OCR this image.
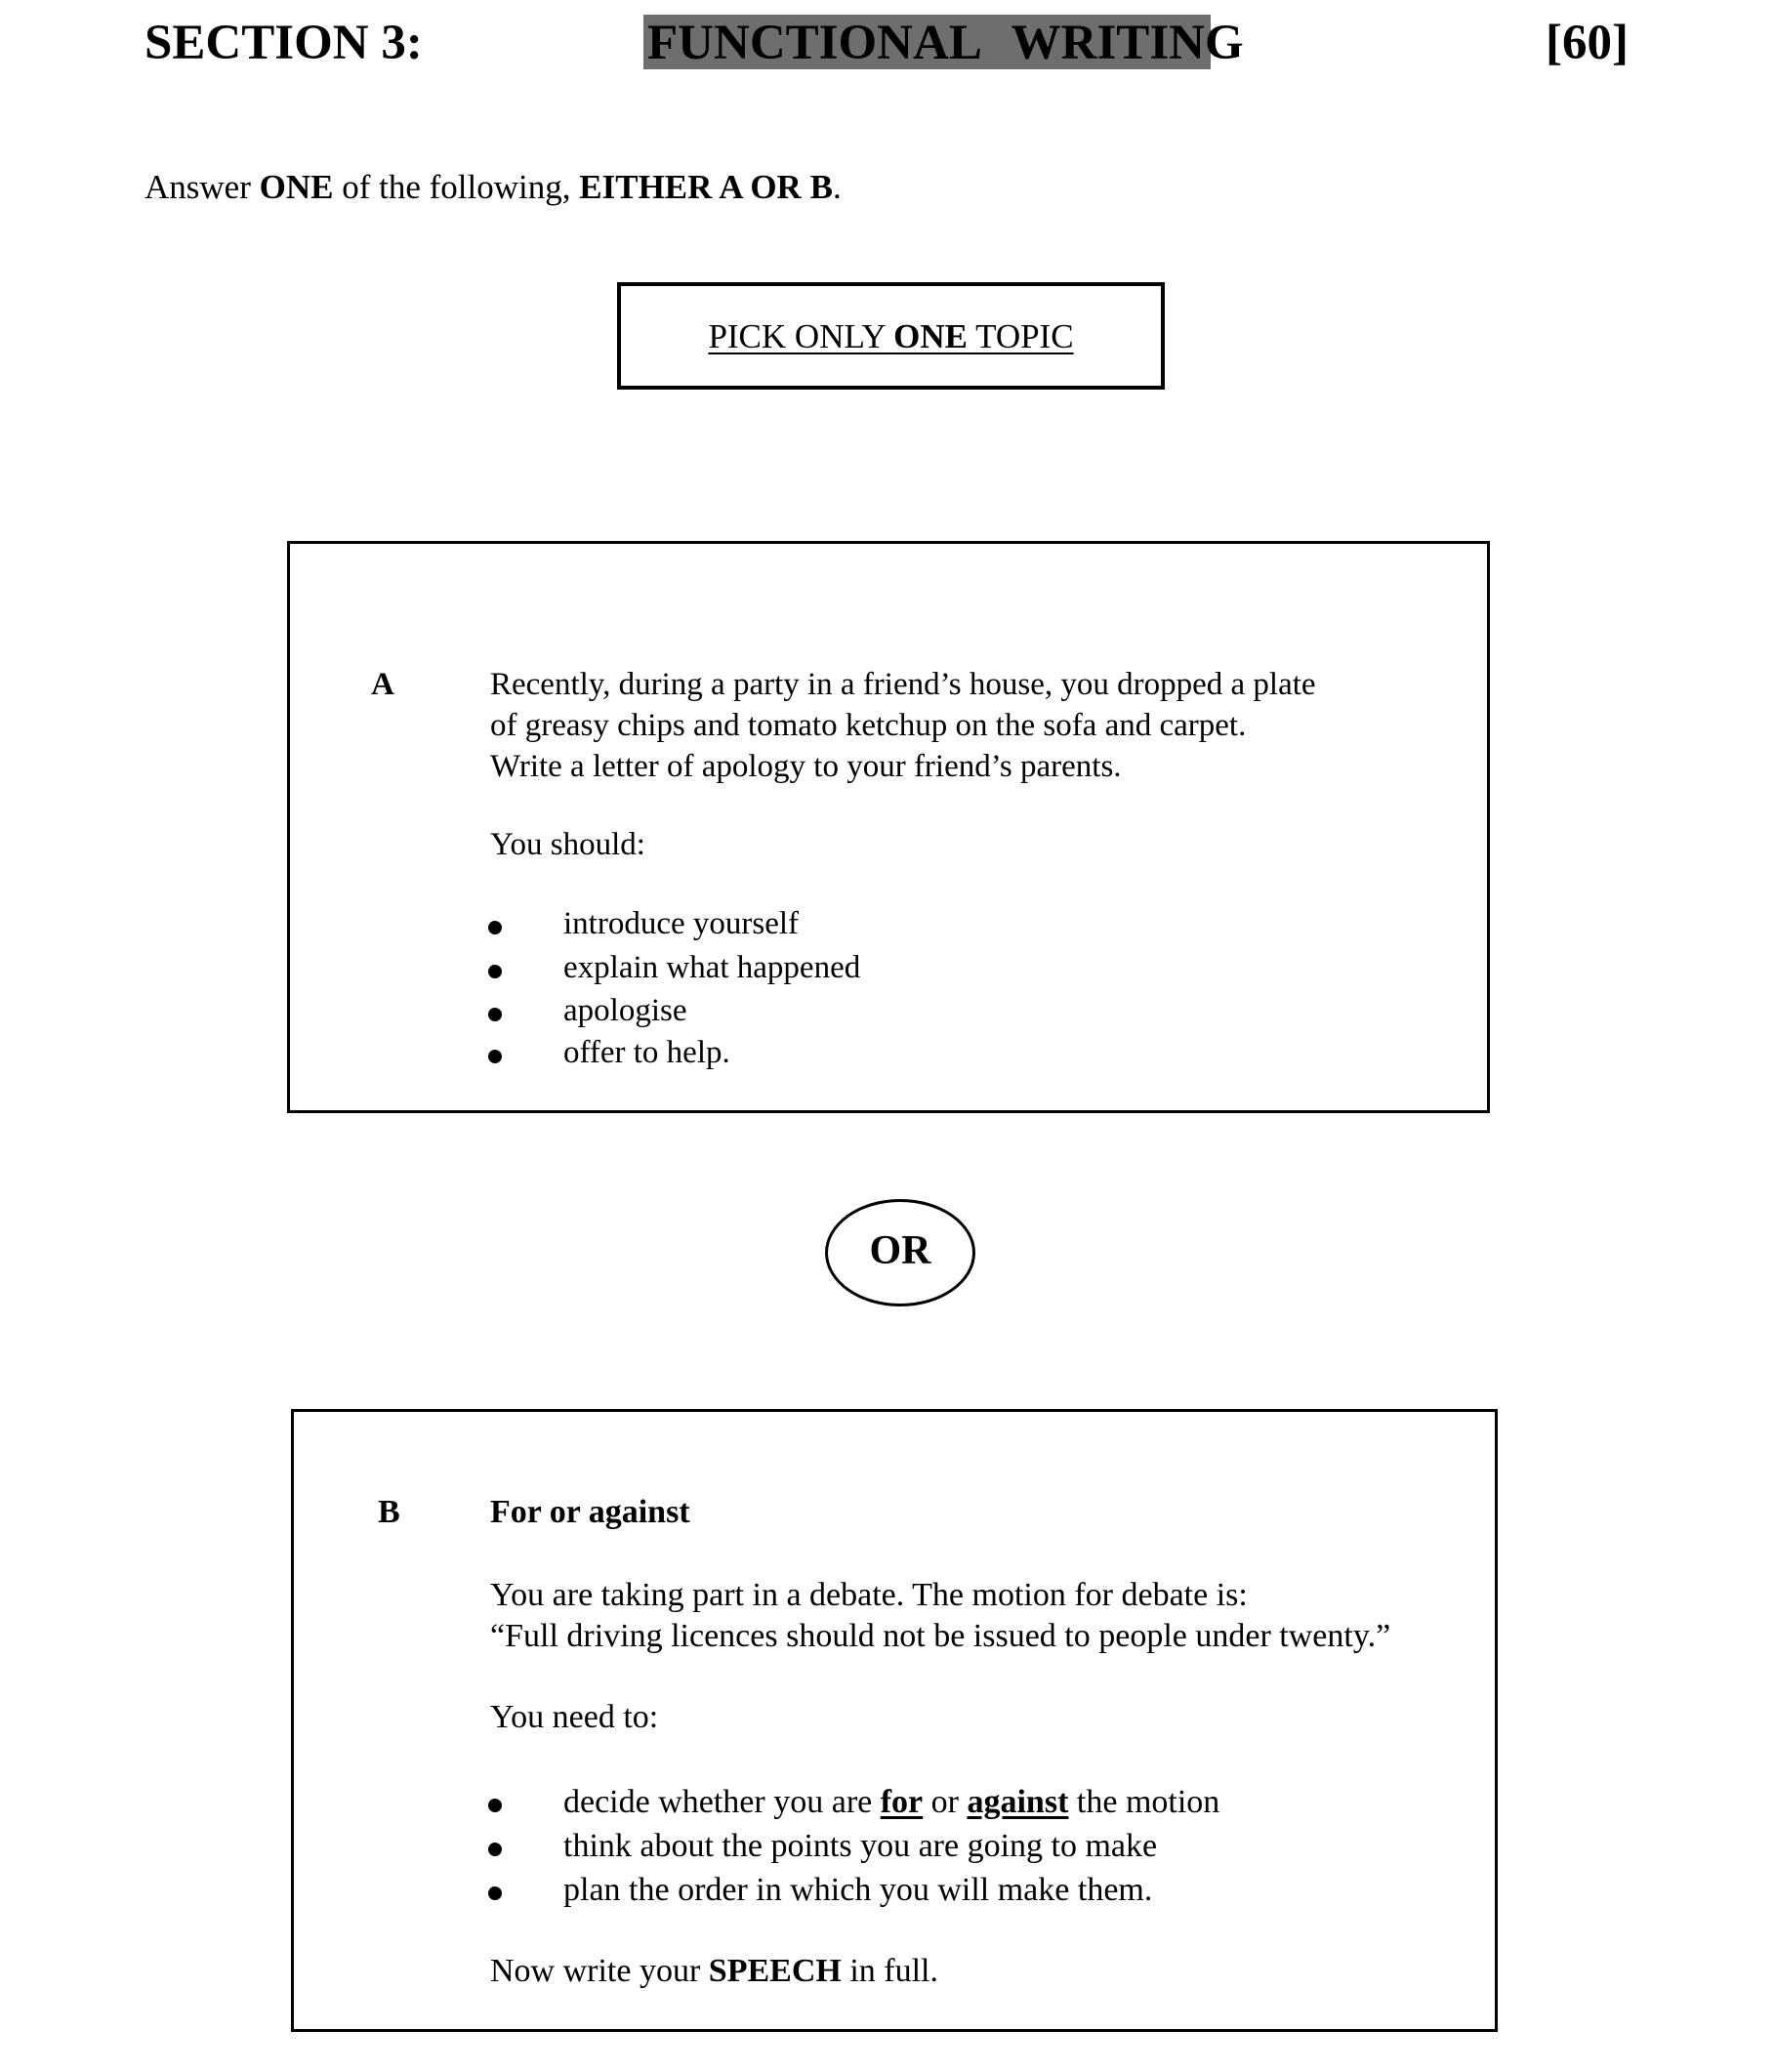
SECTION 3:	FUNCTIONAL  WRITING	[60]
Answer ONE of the following, EITHER A OR B.
PICK ONLY ONE TOPIC
A	Recently, during a party in a friend’s house, you dropped a plate
of greasy chips and tomato ketchup on the sofa and carpet.
Write a letter of apology to your friend’s parents.
You should:
introduce yourself
explain what happened
apologise
offer to help.
OR
B	For or against
You are taking part in a debate. The motion for debate is:
“Full driving licences should not be issued to people under twenty.”
You need to:
decide whether you are for or against the motion
think about the points you are going to make
plan the order in which you will make them.
Now write your SPEECH in full.
